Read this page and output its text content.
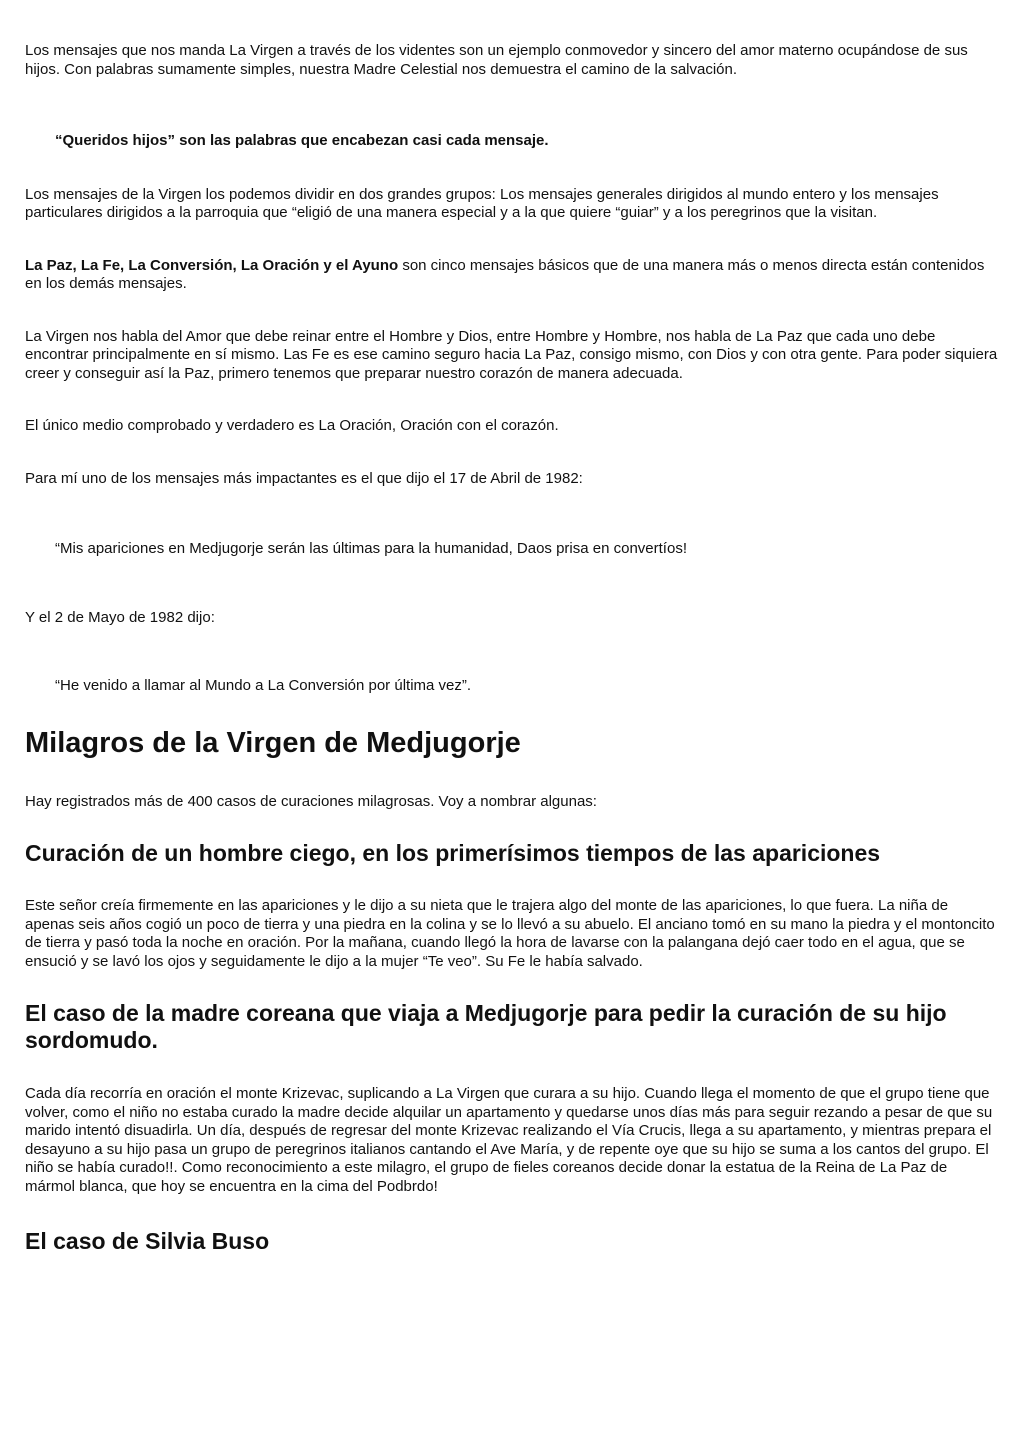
Los mensajes que nos manda La Virgen a través de los videntes son un ejemplo conmovedor y sincero del amor materno ocupándose de sus hijos. Con palabras sumamente simples, nuestra Madre Celestial nos demuestra el camino de la salvación.

“Queridos hijos” son las palabras que encabezan casi cada mensaje.

Los mensajes de la Virgen los podemos dividir en dos grandes grupos: Los mensajes generales dirigidos al mundo entero y los mensajes particulares dirigidos a la parroquia que “eligió de una manera especial y a la que quiere “guiar” y a los peregrinos que la visitan.

La Paz, La Fe, La Conversión, La Oración y el Ayuno son cinco mensajes básicos que de una manera más o menos directa están contenidos en los demás mensajes.

La Virgen nos habla del Amor que debe reinar entre el Hombre y Dios, entre Hombre y Hombre, nos habla de La Paz que cada uno debe encontrar principalmente en sí mismo. Las Fe es ese camino seguro hacia La Paz, consigo mismo, con Dios y con otra gente. Para poder siquiera creer y conseguir así la Paz, primero tenemos que preparar nuestro corazón de manera adecuada.

El único medio comprobado y verdadero es La Oración, Oración con el corazón.

Para mí uno de los mensajes más impactantes es el que dijo el 17 de Abril de 1982:

“Mis apariciones en Medjugorje serán las últimas para la humanidad, Daos prisa en convertíos!

Y el 2 de Mayo de 1982 dijo:

“He venido a llamar al Mundo a La Conversión por última vez”.

Milagros de la Virgen de Medjugorje

Hay registrados más de 400 casos de curaciones milagrosas. Voy a nombrar algunas:

Curación de un hombre ciego, en los primerísimos tiempos de las apariciones

Este señor creía firmemente en las apariciones y le dijo a su nieta que le trajera algo del monte de las apariciones, lo que fuera. La niña de apenas seis años cogió un poco de tierra y una piedra en la colina y se lo llevó a su abuelo. El anciano tomó en su mano la piedra y el montoncito de tierra y pasó toda la noche en oración. Por la mañana, cuando llegó la hora de lavarse con la palangana dejó caer todo en el agua, que se ensució y se lavó los ojos y seguidamente le dijo a la mujer “Te veo”. Su Fe le había salvado.

El caso de la madre coreana que viaja a Medjugorje para pedir la curación de su hijo sordomudo.

Cada día recorría en oración el monte Krizevac, suplicando a La Virgen que curara a su hijo. Cuando llega el momento de que el grupo tiene que volver, como el niño no estaba curado la madre decide alquilar un apartamento y quedarse unos días más para seguir rezando a pesar de que su marido intentó disuadirla. Un día, después de regresar del monte Krizevac realizando el Vía Crucis, llega a su apartamento, y mientras prepara el desayuno a su hijo pasa un grupo de peregrinos italianos cantando el Ave María, y de repente oye que su hijo se suma a los cantos del grupo. El niño se había curado!!. Como reconocimiento a este milagro, el grupo de fieles coreanos decide donar la estatua de la Reina de La Paz de mármol blanca, que hoy se encuentra en la cima del Podbrdo!

El caso de Silvia Buso
